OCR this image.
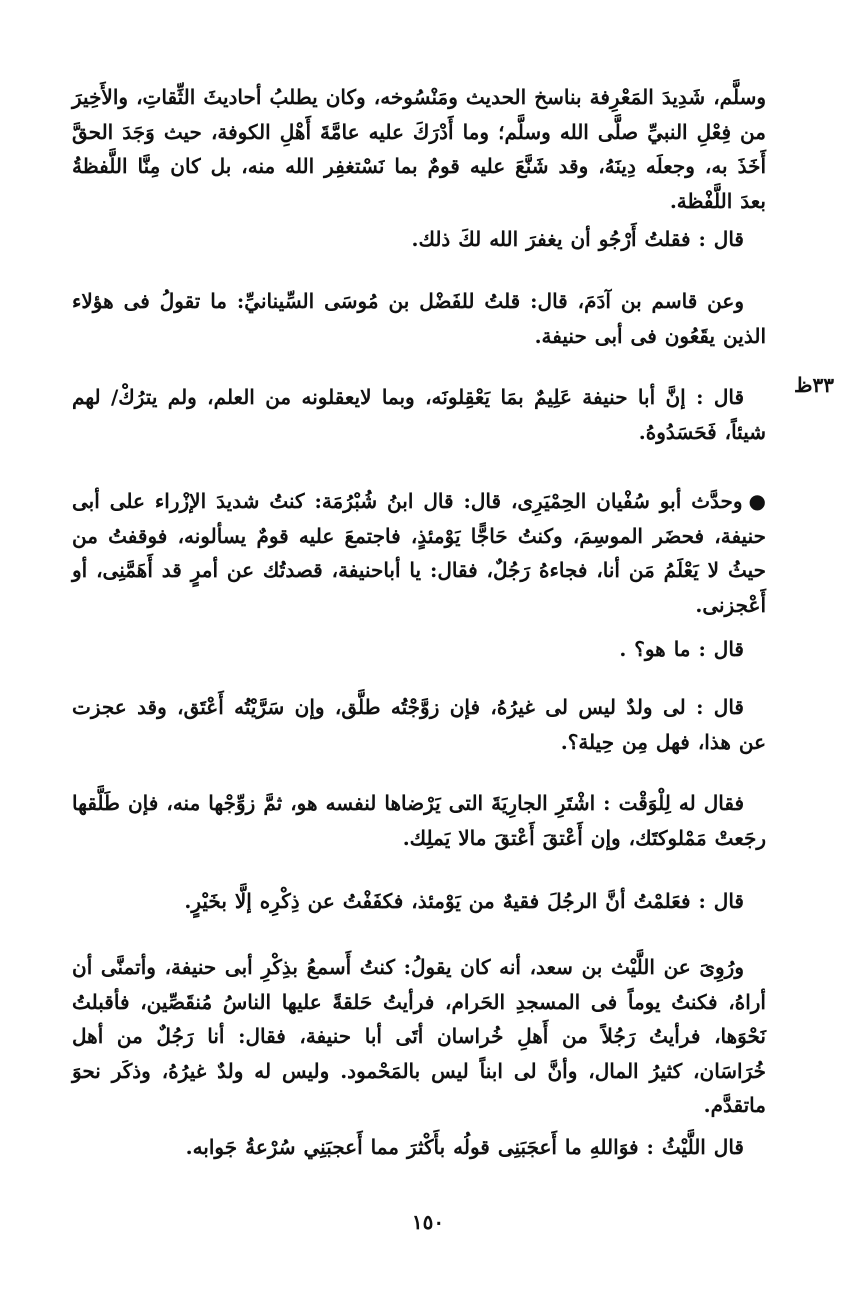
۳۳ظ
وسلَّم، شَدِيدَ المَعْرِفة بناسخ الحديث ومَنْسُوخه، وكان يطلبُ أحاديثَ الثِّقاتِ، والأَخِيرَ من فِعْلِ النبيِّ صلَّى الله وسلَّم؛ وما أَدْرَكَ عليه عامَّةَ أَهْلِ الكوفة، حيث وَجَدَ الحقَّ أَخَذَ به، وجعلَه دِينَهُ، وقد شَنَّعَ عليه قومٌ بما نَسْتغفِر الله منه، بل كان مِنَّا اللَّفظةُ بعدَ اللَّفْظة.
قال : فقلتُ أَرْجُو أن يغفرَ الله لكَ ذلك.
وعن قاسم بن آدَمَ، قال: قلتُ للفَضْل بن مُوسَى السِّينانيِّ: ما تقولُ فى هؤلاء الذين يقَعُون فى أبى حنيفة.
قال : إنَّ أبا حنيفة عَلِيمٌ بمَا يَعْقِلونَه، وبما لايعقلونه من العلم، ولم يترُكْ/ لهم شيئاً، فَحَسَدُوهُ.
●وحدَّث أبو سُفْيان الحِمْيَرِى، قال: قال ابنُ شُبْرُمَة: كنتُ شديدَ الإزْراء على أبى حنيفة، فحضَر الموسِمَ، وكنتُ حَاجًّا يَوْمئذٍ، فاجتمعَ عليه قومٌ يسألونه، فوقفتُ من حيثُ لا يَعْلَمُ مَن أنا، فجاءهُ رَجُلٌ، فقال: يا أباحنيفة، قصدتُك عن أمرٍ قد أَهَمَّنِى، أو أَعْجزنى.
قال : ما هو؟ .
قال : لى ولدٌ ليس لى غيرُهُ، فإن زوَّجْتُه طلَّق، وإن سَرَّيْتُه أَعْتَق، وقد عجزت عن هذا، فهل مِن حِيلة؟.
فقال له لِلْوَقْت : اشْتَرِ الجارِيَةَ التى يَرْضاها لنفسه هو، ثمَّ زوِّجْها منه، فإن طَلَّقها رجَعتْ مَمْلوكتَك، وإن أَعْتقَ أَعْتقَ مالا يَملِك.
قال : فعَلمْتُ أنَّ الرجُلَ فقيهٌ من يَوْمئذ، فكفَفْتُ عن ذِكْرِه إلَّا بخَيْرٍ.
ورُوِىَ عن اللَّيْث بن سعد، أنه كان يقولُ: كنتُ أَسمعُ بذِكْرِ أبى حنيفة، وأتمنَّى أن أراهُ، فكنتُ يوماً فى المسجدِ الحَرام، فرأيتُ حَلقةً عليها الناسُ مُنقَصِّين، فأقبلتُ نَحْوَها، فرأيتُ رَجُلاً من أَهلِ خُراسان أتَى أبا حنيفة، فقال: أنا رَجُلٌ من أهل خُرَاسَان، كثيرُ المال، وأنَّ لى ابناً ليس بالمَحْمود. وليس له ولدٌ غيرُهُ، وذكَر نحوَ ماتقدَّم.
قال اللَّيْثُ : فوَاللهِ ما أَعجَبَنِى قولُه بأَكْثرَ مما أَعجبَنِي سُرْعةُ جَوابه.
۱٥۰
